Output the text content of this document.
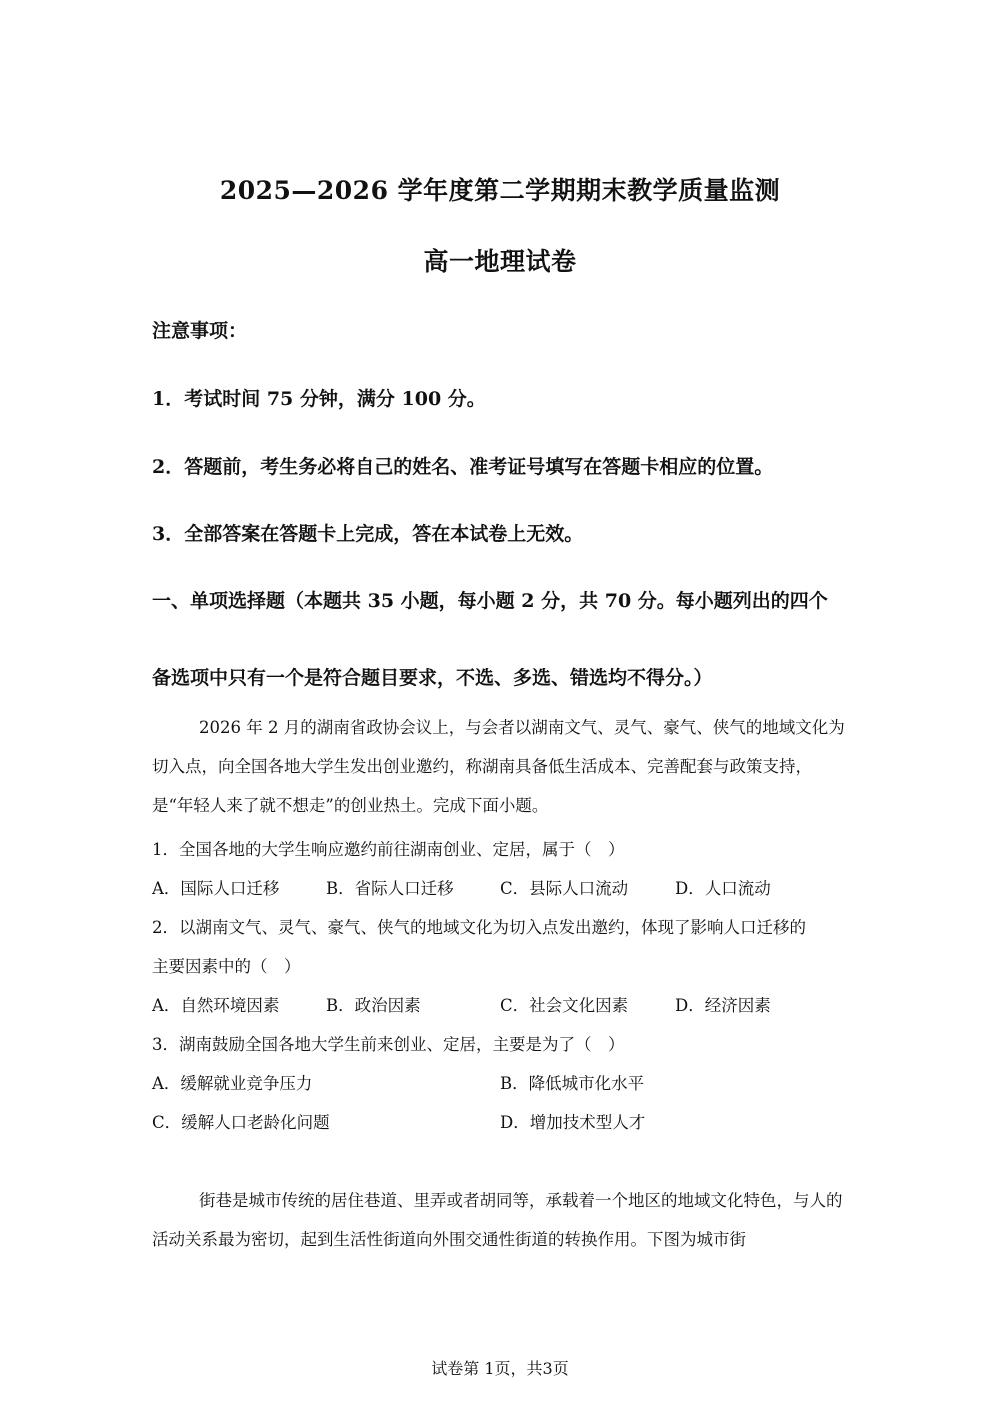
2025—2026 学年度第二学期期末教学质量监测
高一地理试卷
注意事项：
1．考试时间 75 分钟，满分 100 分。
2．答题前，考生务必将自己的姓名、准考证号填写在答题卡相应的位置。
3．全部答案在答题卡上完成，答在本试卷上无效。
一、单项选择题（本题共 35 小题，每小题 2 分，共 70 分。每小题列出的四个
备选项中只有一个是符合题目要求，不选、多选、错选均不得分。）
2026 年 2 月的湖南省政协会议上，与会者以湖南文气、灵气、豪气、侠气的地域文化为切入点，向全国各地大学生发出创业邀约，称湖南具备低生活成本、完善配套与政策支持，是“年轻人来了就不想走”的创业热土。完成下面小题。
1．全国各地的大学生响应邀约前往湖南创业、定居，属于（　）
A．国际人口迁移	B．省际人口迁移	C．县际人口流动	D．人口流动
2．以湖南文气、灵气、豪气、侠气的地域文化为切入点发出邀约，体现了影响人口迁移的
主要因素中的（　）
A．自然环境因素	B．政治因素	C．社会文化因素	D．经济因素
3．湖南鼓励全国各地大学生前来创业、定居，主要是为了（　）
A．缓解就业竞争压力	B．降低城市化水平
C．缓解人口老龄化问题	D．增加技术型人才
街巷是城市传统的居住巷道、里弄或者胡同等，承载着一个地区的地域文化特色，与人的活动关系最为密切，起到生活性街道向外围交通性街道的转换作用。下图为城市街
试卷第 1页，共3页
